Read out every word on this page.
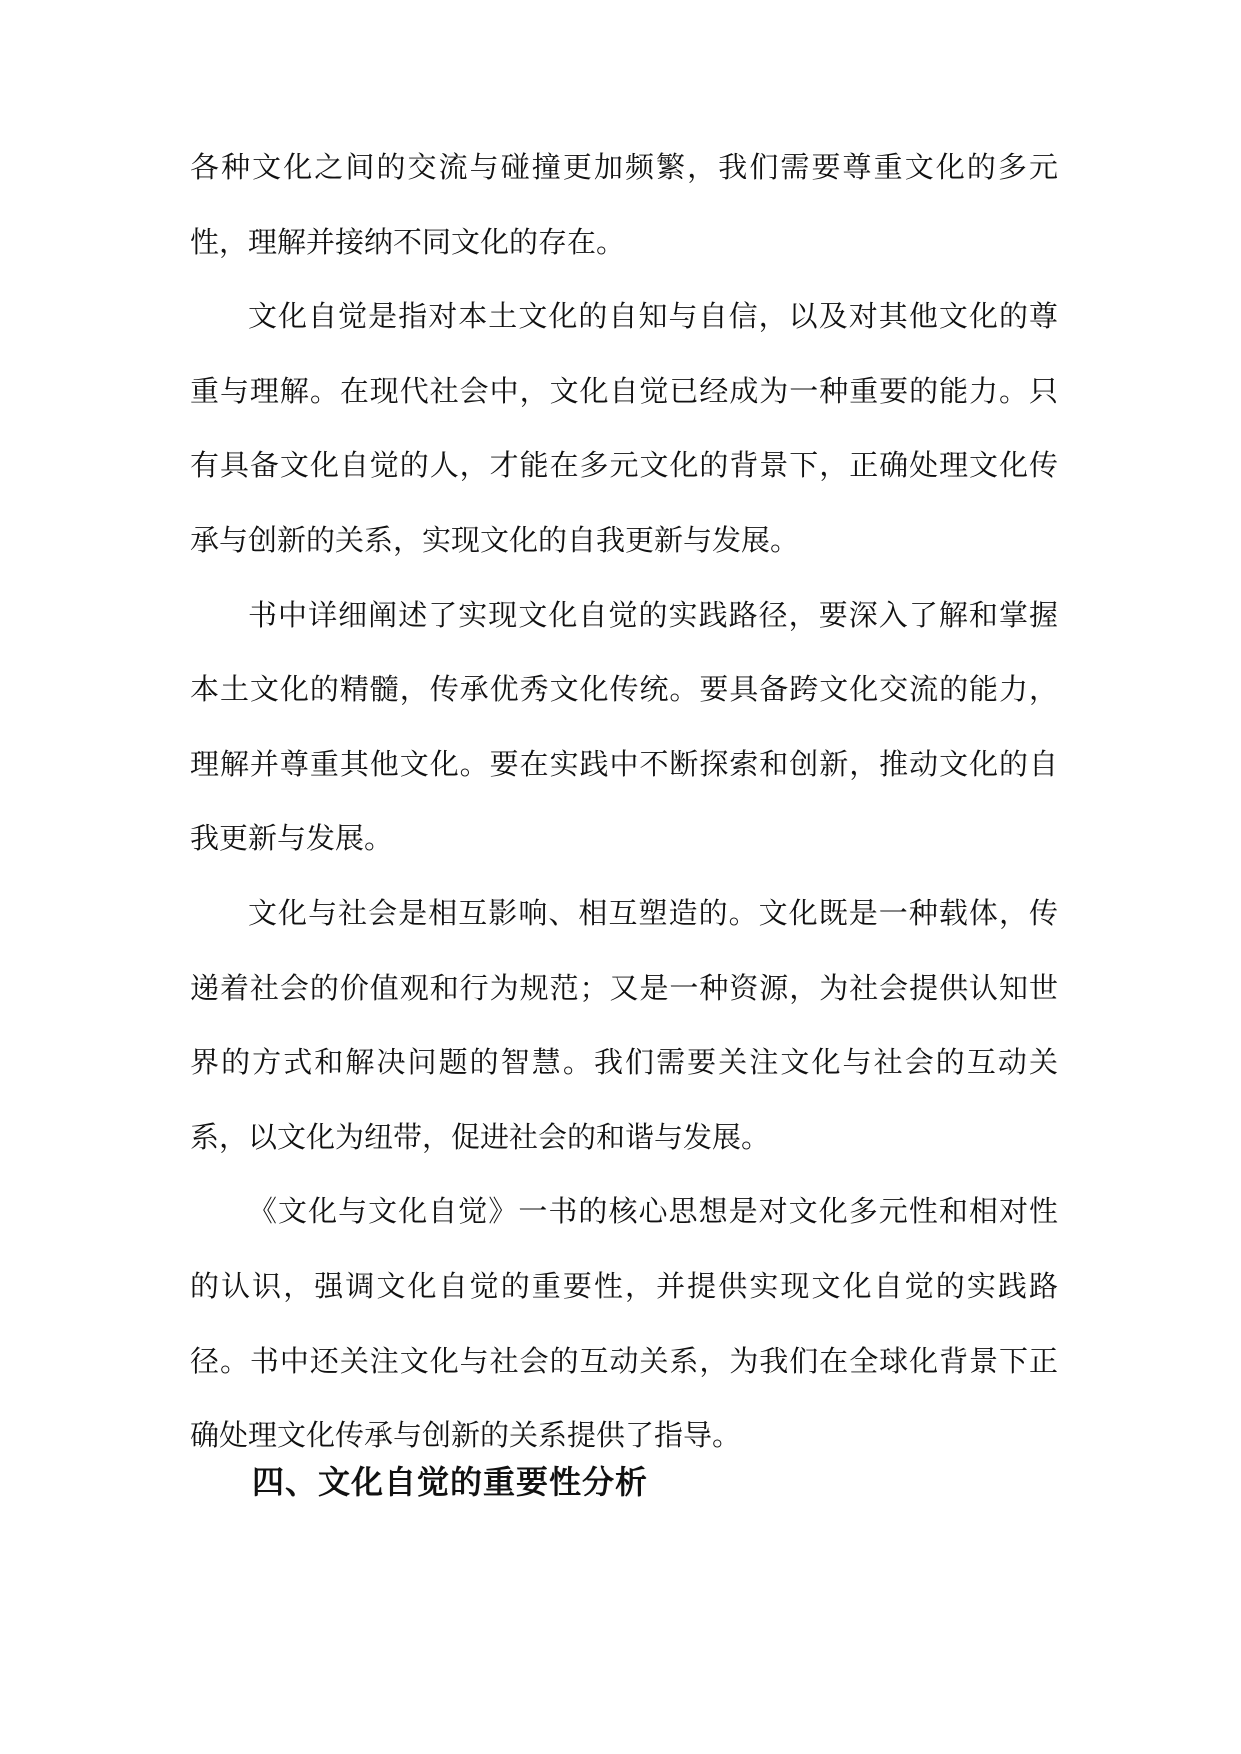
各种文化之间的交流与碰撞更加频繁，我们需要尊重文化的多元性，理解并接纳不同文化的存在。

文化自觉是指对本土文化的自知与自信，以及对其他文化的尊重与理解。在现代社会中，文化自觉已经成为一种重要的能力。只有具备文化自觉的人，才能在多元文化的背景下，正确处理文化传承与创新的关系，实现文化的自我更新与发展。

书中详细阐述了实现文化自觉的实践路径，要深入了解和掌握本土文化的精髓，传承优秀文化传统。要具备跨文化交流的能力，理解并尊重其他文化。要在实践中不断探索和创新，推动文化的自我更新与发展。

文化与社会是相互影响、相互塑造的。文化既是一种载体，传递着社会的价值观和行为规范；又是一种资源，为社会提供认知世界的方式和解决问题的智慧。我们需要关注文化与社会的互动关系，以文化为纽带，促进社会的和谐与发展。

《文化与文化自觉》一书的核心思想是对文化多元性和相对性的认识，强调文化自觉的重要性，并提供实现文化自觉的实践路径。书中还关注文化与社会的互动关系，为我们在全球化背景下正确处理文化传承与创新的关系提供了指导。

四、文化自觉的重要性分析
